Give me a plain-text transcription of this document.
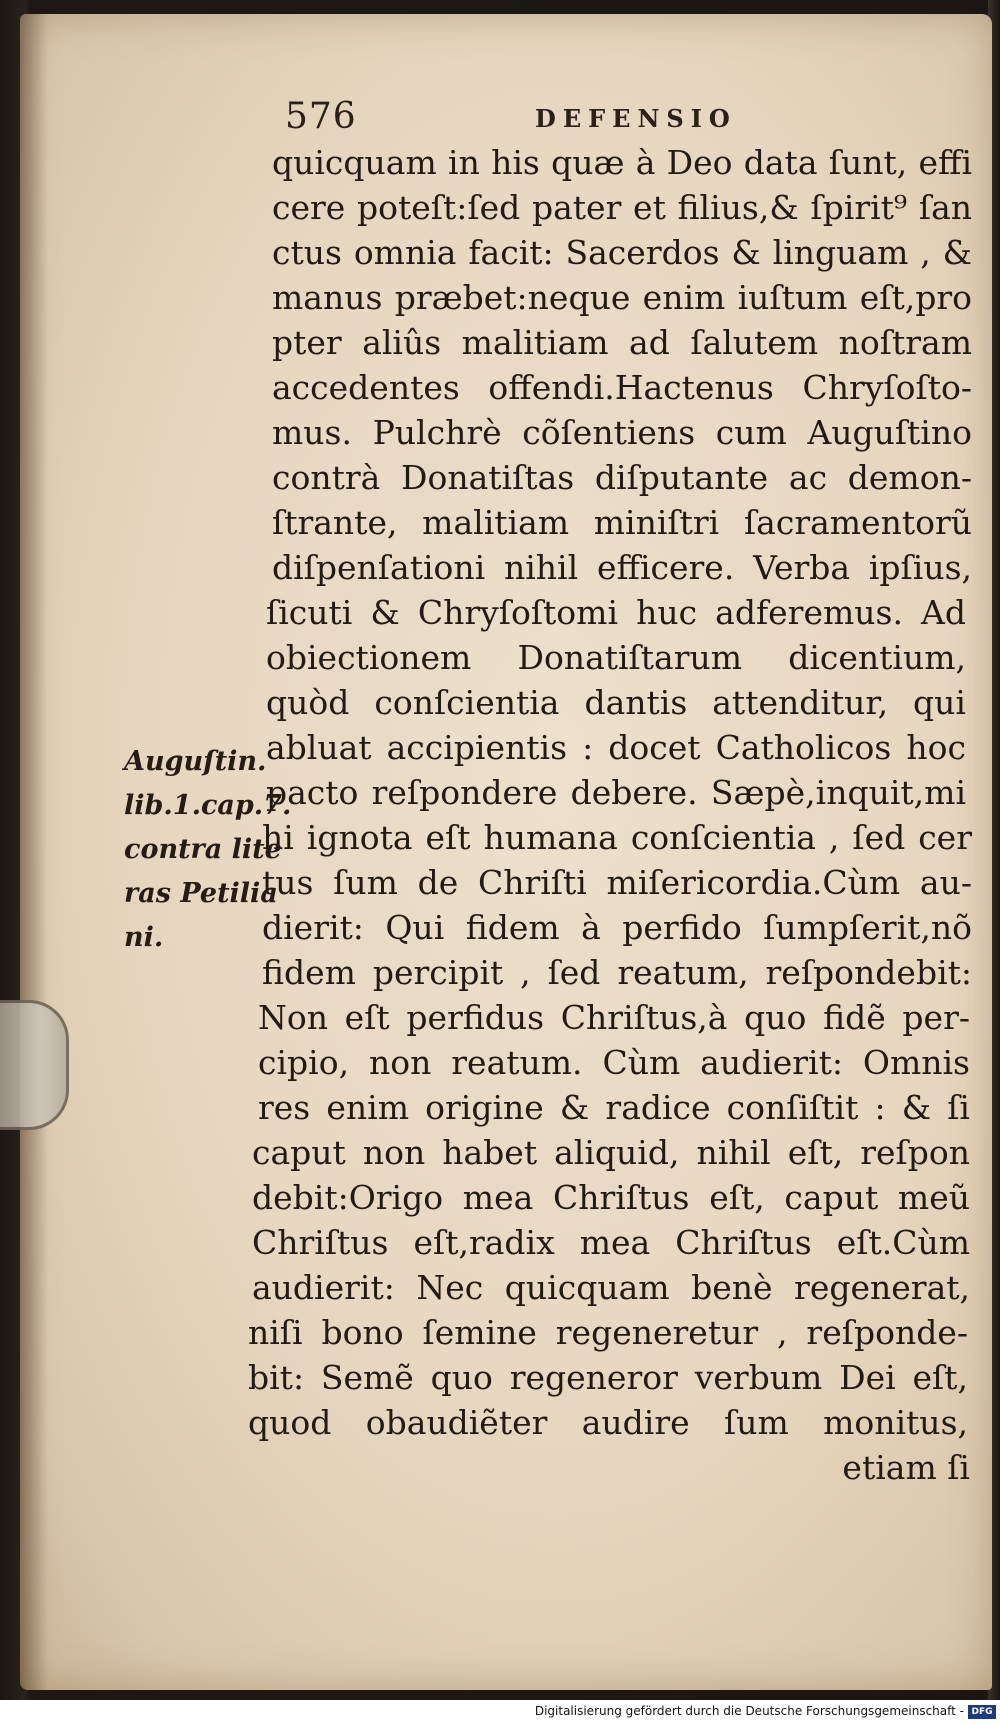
576	DEFENSIO
quicquam in his quæ à Deo data ſunt, effi
cere poteſt:ſed pater et filius,& ſpirit⁹ ſan
ctus omnia facit: Sacerdos & linguam , &
manus præbet:neque enim iuſtum eſt,pro
pter aliûs malitiam ad ſalutem noſtram
accedentes offendi.Hactenus Chryſoſto-
mus. Pulchrè cõſentiens cum Auguſtino
contrà Donatiſtas diſputante ac demon-
ſtrante, malitiam miniſtri ſacramentorũ
diſpenſationi nihil efficere. Verba ipſius,
ſicuti & Chryſoſtomi huc adferemus. Ad
obiectionem Donatiſtarum dicentium,
quòd conſcientia dantis attenditur, qui
abluat accipientis : docet Catholicos hoc
pacto reſpondere debere. Sæpè,inquit,mi
hi ignota eſt humana conſcientia , ſed cer
tus ſum de Chriſti miſericordia.Cùm au-
dierit: Qui fidem à perfido ſumpſerit,nõ
fidem percipit , ſed reatum, reſpondebit:
Non eſt perfidus Chriſtus,à quo fidẽ per-
cipio, non reatum. Cùm audierit: Omnis
res enim origine & radice conſiſtit : & ſi
caput non habet aliquid, nihil eſt, reſpon
debit:Origo mea Chriſtus eſt, caput meũ
Chriſtus eſt,radix mea Chriſtus eſt.Cùm
audierit: Nec quicquam benè regenerat,
niſi bono ſemine regeneretur , reſponde-
bit: Semẽ quo regeneror verbum Dei eſt,
quod obaudiẽter audire ſum monitus,
etiam ſi
Auguſtin.
lib.1.cap.7.
contra lite
ras Petilia
ni.
Digitalisierung gefördert durch die Deutsche Forschungsgemeinschaft - DFG
